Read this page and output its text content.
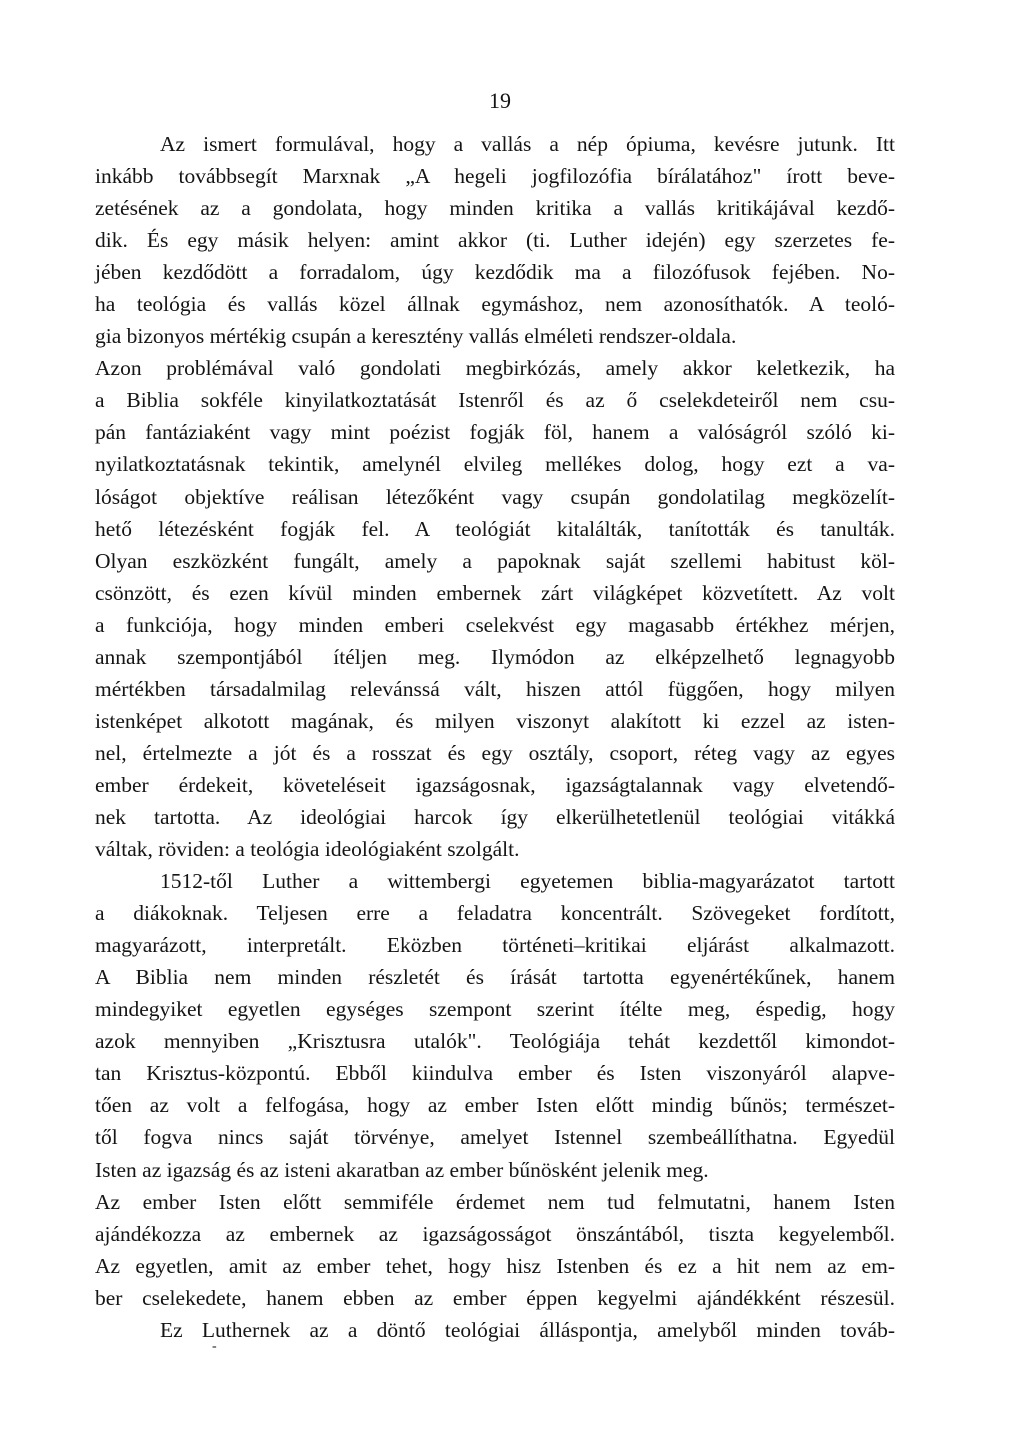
19
Az ismert formulával, hogy a vallás a nép ópiuma, kevésre jutunk. Itt
inkább továbbsegít Marxnak „A hegeli jogfilozófia bírálatához" írott beve-
zetésének az a gondolata, hogy minden kritika a vallás kritikájával kezdő-
dik. És egy másik helyen: amint akkor (ti. Luther idején) egy szerzetes fe-
jében kezdődött a forradalom, úgy kezdődik ma a filozófusok fejében. No-
ha teológia és vallás közel állnak egymáshoz, nem azonosíthatók. A teoló-
gia bizonyos mértékig csupán a keresztény vallás elméleti rendszer-oldala.
Azon problémával való gondolati megbirkózás, amely akkor keletkezik, ha
a Biblia sokféle kinyilatkoztatását Istenről és az ő cselekdeteiről nem csu-
pán fantáziaként vagy mint poézist fogják föl, hanem a valóságról szóló ki-
nyilatkoztatásnak tekintik, amelynél elvileg mellékes dolog, hogy ezt a va-
lóságot objektíve reálisan létezőként vagy csupán gondolatilag megközelít-
hető létezésként fogják fel. A teológiát kitalálták, tanították és tanulták.
Olyan eszközként fungált, amely a papoknak saját szellemi habitust köl-
csönzött, és ezen kívül minden embernek zárt világképet közvetített. Az volt
a funkciója, hogy minden emberi cselekvést egy magasabb értékhez mérjen,
annak szempontjából ítéljen meg. Ilymódon az elképzelhető legnagyobb
mértékben társadalmilag relevánssá vált, hiszen attól függően, hogy milyen
istenképet alkotott magának, és milyen viszonyt alakított ki ezzel az isten-
nel, értelmezte a jót és a rosszat és egy osztály, csoport, réteg vagy az egyes
ember érdekeit, követeléseit igazságosnak, igazságtalannak vagy elvetendő-
nek tartotta. Az ideológiai harcok így elkerülhetetlenül teológiai vitákká
váltak, röviden: a teológia ideológiaként szolgált.
1512-től Luther a wittembergi egyetemen biblia-magyarázatot tartott
a diákoknak. Teljesen erre a feladatra koncentrált. Szövegeket fordított,
magyarázott, interpretált. Eközben történeti–kritikai eljárást alkalmazott.
A Biblia nem minden részletét és írását tartotta egyenértékűnek, hanem
mindegyiket egyetlen egységes szempont szerint ítélte meg, éspedig, hogy
azok mennyiben „Krisztusra utalók". Teológiája tehát kezdettől kimondot-
tan Krisztus-központú. Ebből kiindulva ember és Isten viszonyáról alapve-
tően az volt a felfogása, hogy az ember Isten előtt mindig bűnös; természet-
től fogva nincs saját törvénye, amelyet Istennel szembeállíthatna. Egyedül
Isten az igazság és az isteni akaratban az ember bűnösként jelenik meg.
Az ember Isten előtt semmiféle érdemet nem tud felmutatni, hanem Isten
ajándékozza az embernek az igazságosságot önszántából, tiszta kegyelemből.
Az egyetlen, amit az ember tehet, hogy hisz Istenben és ez a hit nem az em-
ber cselekedete, hanem ebben az ember éppen kegyelmi ajándékként részesül.
Ez Luthernek az a döntő teológiai álláspontja, amelyből minden továb-
-
